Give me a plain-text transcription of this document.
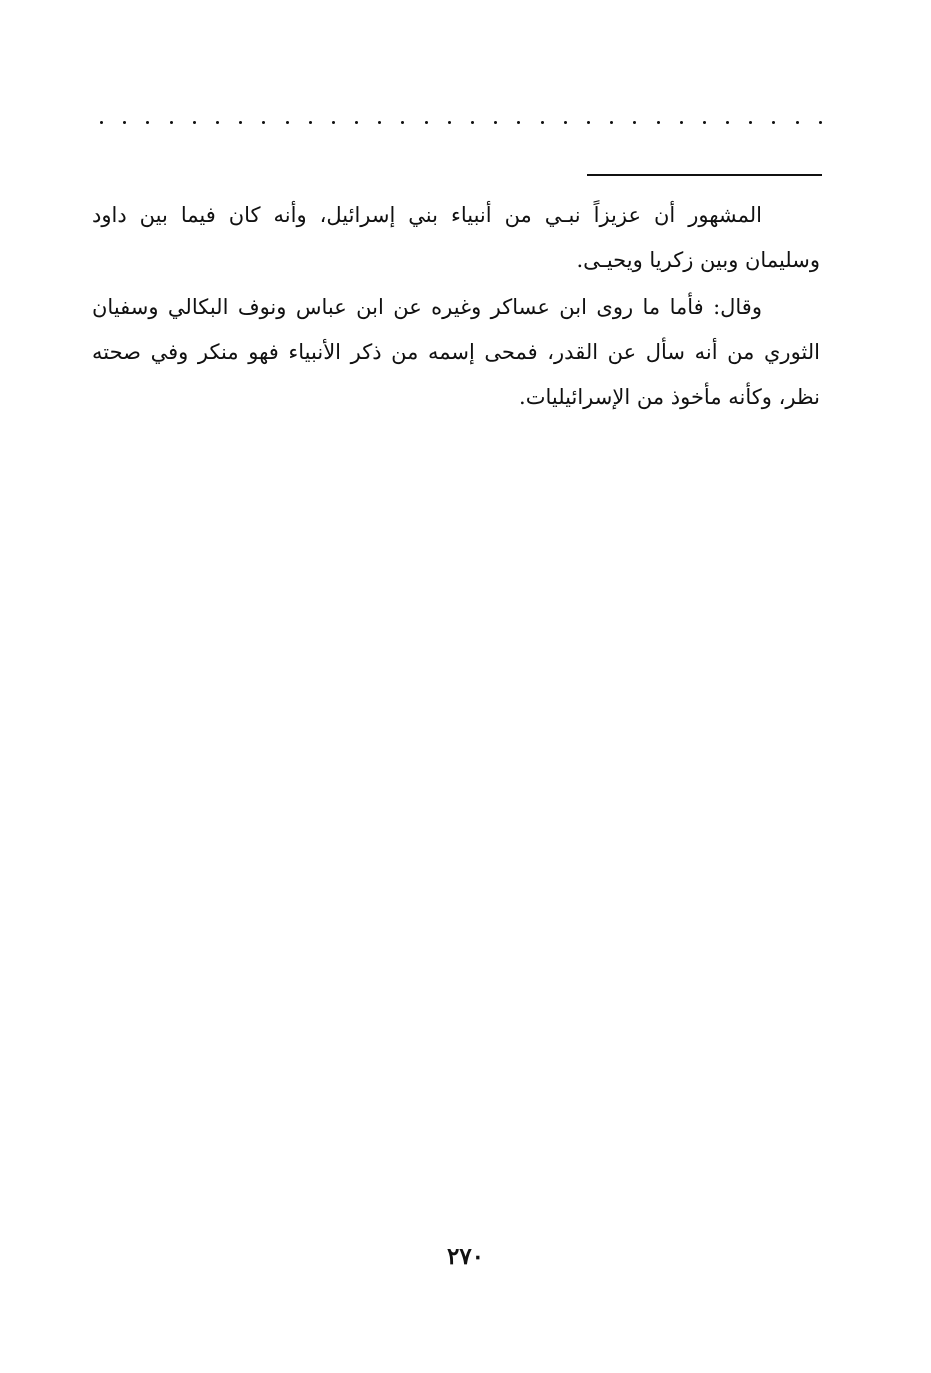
المشهور أن عزيزاً نبـي من أنبياء بني إسرائيل، وأنه كان فيما بين داود وسليمان وبين زكريا ويحيـى.

وقال: فأما ما روى ابن عساكر وغيره عن ابن عباس ونوف البكالي وسفيان الثوري من أنه سأل عن القدر، فمحى إسمه من ذكر الأنبياء فهو منكر وفي صحته نظر، وكأنه مأخوذ من الإسرائيليات.

٢٧٠
